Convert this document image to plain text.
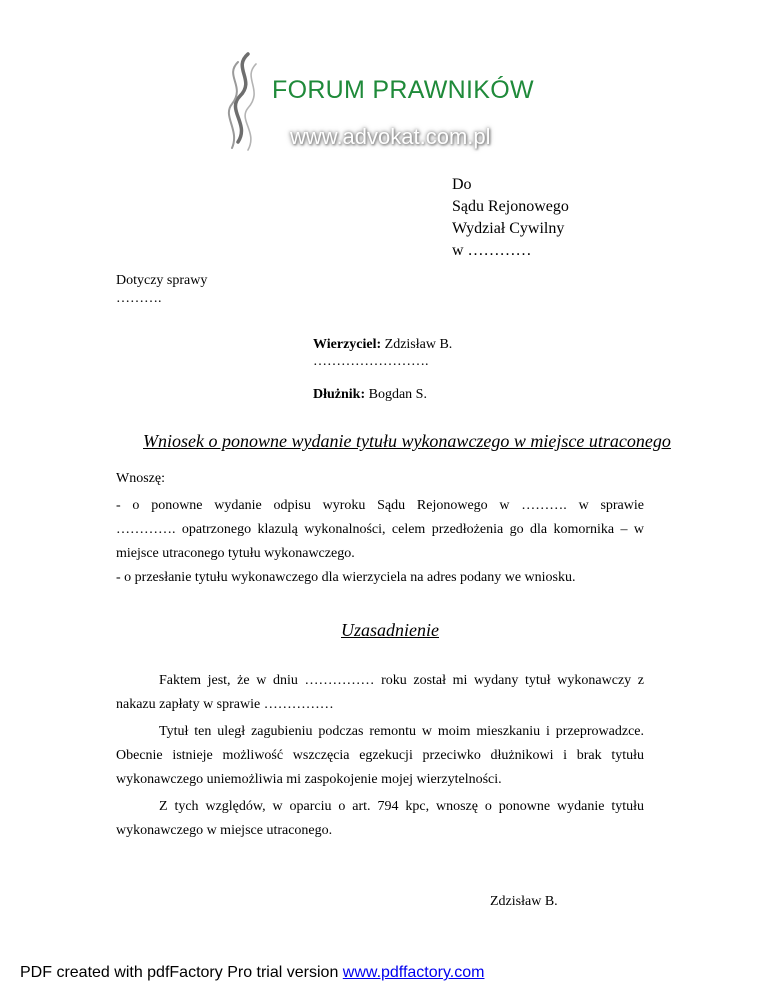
FORUM PRAWNIKÓW
www.advokat.com.pl
Do
Sądu Rejonowego
Wydział Cywilny
w …………
Dotyczy sprawy
……….
Wierzyciel: Zdzisław B.
…………………….
Dłużnik: Bogdan S.
Wniosek o ponowne wydanie tytułu wykonawczego w miejsce utraconego
Wnoszę:
- o ponowne wydanie odpisu wyroku Sądu Rejonowego w ………. w sprawie
…………. opatrzonego klazulą wykonalności, celem przedłożenia go dla komornika – w
miejsce utraconego tytułu wykonawczego.
- o przesłanie tytułu wykonawczego dla wierzyciela na adres podany we wniosku.
Uzasadnienie
Faktem jest, że w dniu …………… roku został mi wydany tytuł wykonawczy z
nakazu zapłaty w sprawie ……………
Tytuł ten uległ zagubieniu podczas remontu w moim mieszkaniu i przeprowadzce.
Obecnie istnieje możliwość wszczęcia egzekucji przeciwko dłużnikowi i brak tytułu
wykonawczego uniemożliwia mi zaspokojenie mojej wierzytelności.
Z tych względów, w oparciu o art. 794 kpc, wnoszę o ponowne wydanie tytułu
wykonawczego w miejsce utraconego.
Zdzisław B.
PDF created with pdfFactory Pro trial version www.pdffactory.com
